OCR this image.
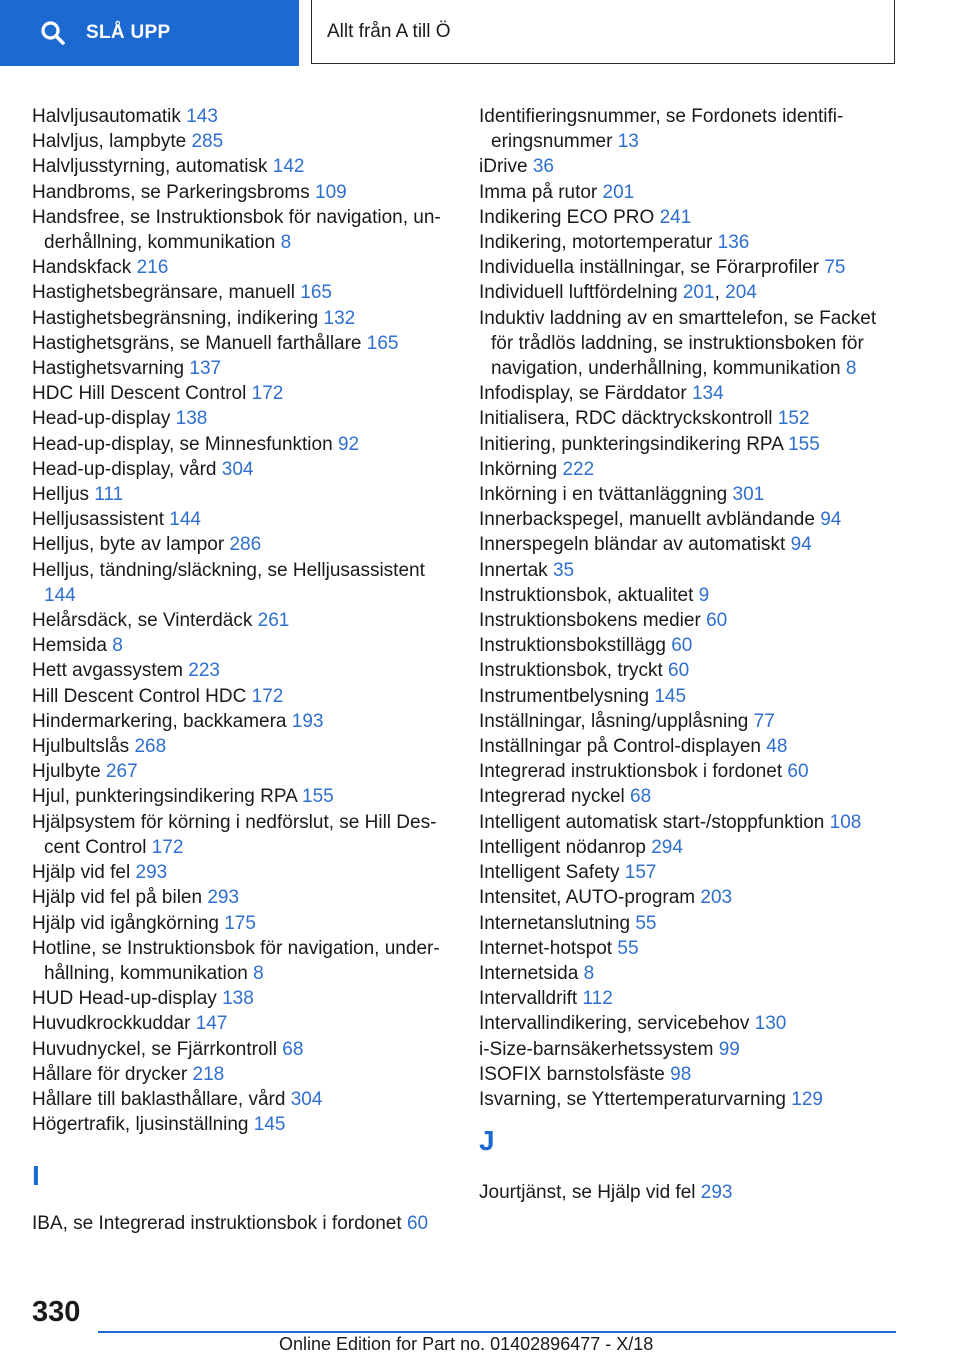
SLÅ UPP	Allt från A till Ö
Halvljusautomatik 143
Halvljus, lampbyte 285
Halvljusstyrning, automatisk 142
Handbroms, se Parkeringsbroms 109
Handsfree, se Instruktionsbok för navigation, underhållning, kommunikation 8
Handskfack 216
Hastighetsbegränsare, manuell 165
Hastighetsbegränsning, indikering 132
Hastighetsgräns, se Manuell farthållare 165
Hastighetsvarning 137
HDC Hill Descent Control 172
Head-up-display 138
Head-up-display, se Minnesfunktion 92
Head-up-display, vård 304
Helljus 111
Helljusassistent 144
Helljus, byte av lampor 286
Helljus, tändning/släckning, se Helljusassistent 144
Helårsdäck, se Vinterdäck 261
Hemsida 8
Hett avgassystem 223
Hill Descent Control HDC 172
Hindermarkering, backkamera 193
Hjulbultslås 268
Hjulbyte 267
Hjul, punkteringsindikering RPA 155
Hjälpsystem för körning i nedförslut, se Hill Descent Control 172
Hjälp vid fel 293
Hjälp vid fel på bilen 293
Hjälp vid igångkörning 175
Hotline, se Instruktionsbok för navigation, underhållning, kommunikation 8
HUD Head-up-display 138
Huvudkrockkuddar 147
Huvudnyckel, se Fjärrkontroll 68
Hållare för drycker 218
Hållare till baklasthållare, vård 304
Högertrafik, ljusinställning 145
I
IBA, se Integrerad instruktionsbok i fordonet 60
Identifieringsnummer, se Fordonets identifieringsnummer 13
iDrive 36
Imma på rutor 201
Indikering ECO PRO 241
Indikering, motortemperatur 136
Individuella inställningar, se Förarprofiler 75
Individuell luftfördelning 201, 204
Induktiv laddning av en smarttelefon, se Facket för trådlös laddning, se instruktionsboken för navigation, underhållning, kommunikation 8
Infodisplay, se Färddator 134
Initialisera, RDC däcktryckskontroll 152
Initiering, punkteringsindikering RPA 155
Inkörning 222
Inkörning i en tvättanläggning 301
Innerbackspegel, manuellt avbländande 94
Innerspegeln bländar av automatiskt 94
Innertak 35
Instruktionsbok, aktualitet 9
Instruktionsbokens medier 60
Instruktionsbokstillägg 60
Instruktionsbok, tryckt 60
Instrumentbelysning 145
Inställningar, låsning/upplåsning 77
Inställningar på Control-displayen 48
Integrerad instruktionsbok i fordonet 60
Integrerad nyckel 68
Intelligent automatisk start-/stoppfunktion 108
Intelligent nödanrop 294
Intelligent Safety 157
Intensitet, AUTO-program 203
Internetanslutning 55
Internet-hotspot 55
Internetsida 8
Intervalldrift 112
Intervallindikering, servicebehov 130
i-Size-barnsäkerhetssystem 99
ISOFIX barnstolsfäste 98
Isvarning, se Yttertemperaturvarning 129
J
Jourtjänst, se Hjälp vid fel 293
330
Online Edition for Part no. 01402896477 - X/18
